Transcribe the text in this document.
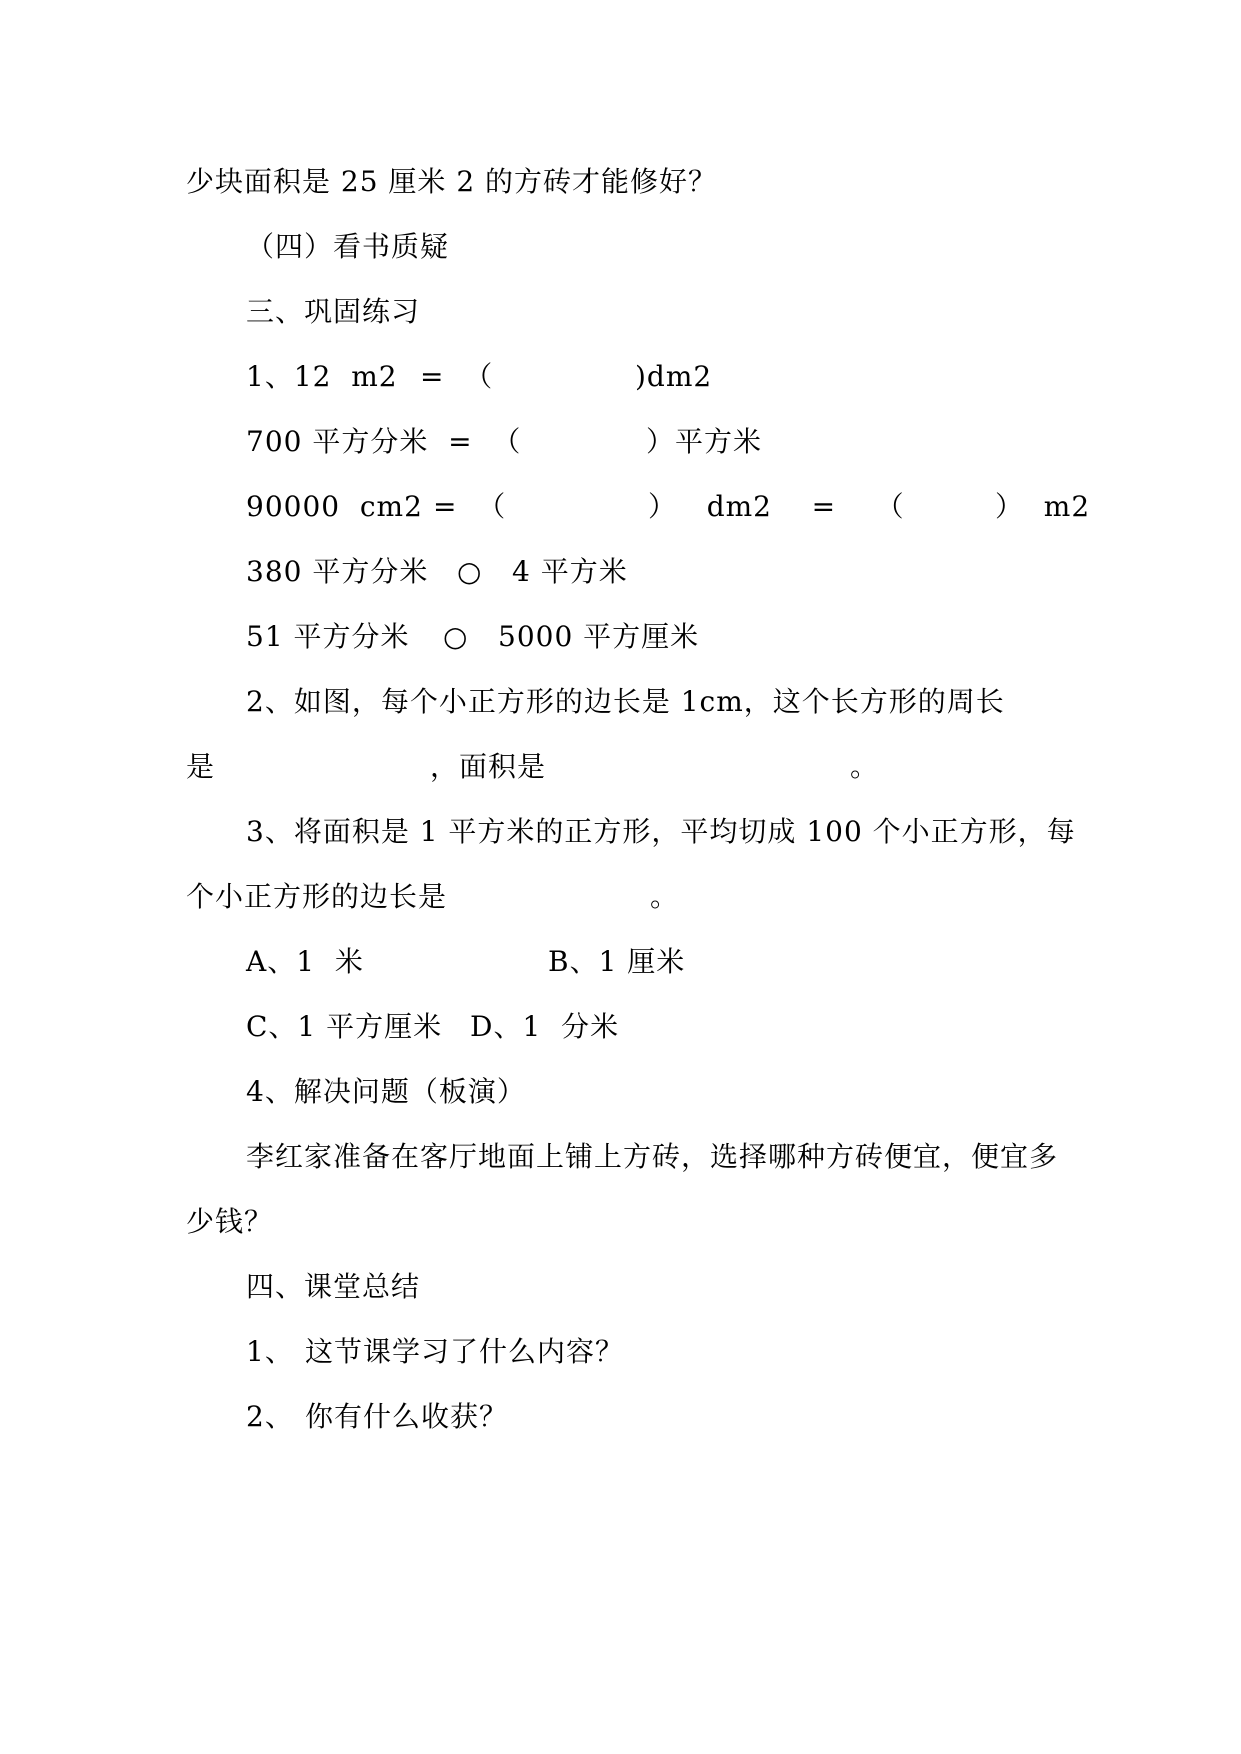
少块面积是 25 厘米 2 的方砖才能修好？
（四）看书质疑
三、巩固练习
1、12  m2 =  （	)dm2
700 平方分米  =  （	）平方米
90000  cm2 =  （	）   dm2    =    （	）  m2
380 平方分米 ○ 4 平方米
51 平方分米 ○ 5000 平方厘米
2、如图，每个小正方形的边长是 1cm，这个长方形的周长
是	，面积是	。
3、将面积是 1 平方米的正方形，平均切成 100 个小正方形，每
个小正方形的边长是	。
A、1  米	B、1 厘米
C、1 平方厘米 D、1  分米
4、解决问题（板演）
李红家准备在客厅地面上铺上方砖，选择哪种方砖便宜，便宜多
少钱？
四、课堂总结
1、 这节课学习了什么内容？
2、 你有什么收获？
